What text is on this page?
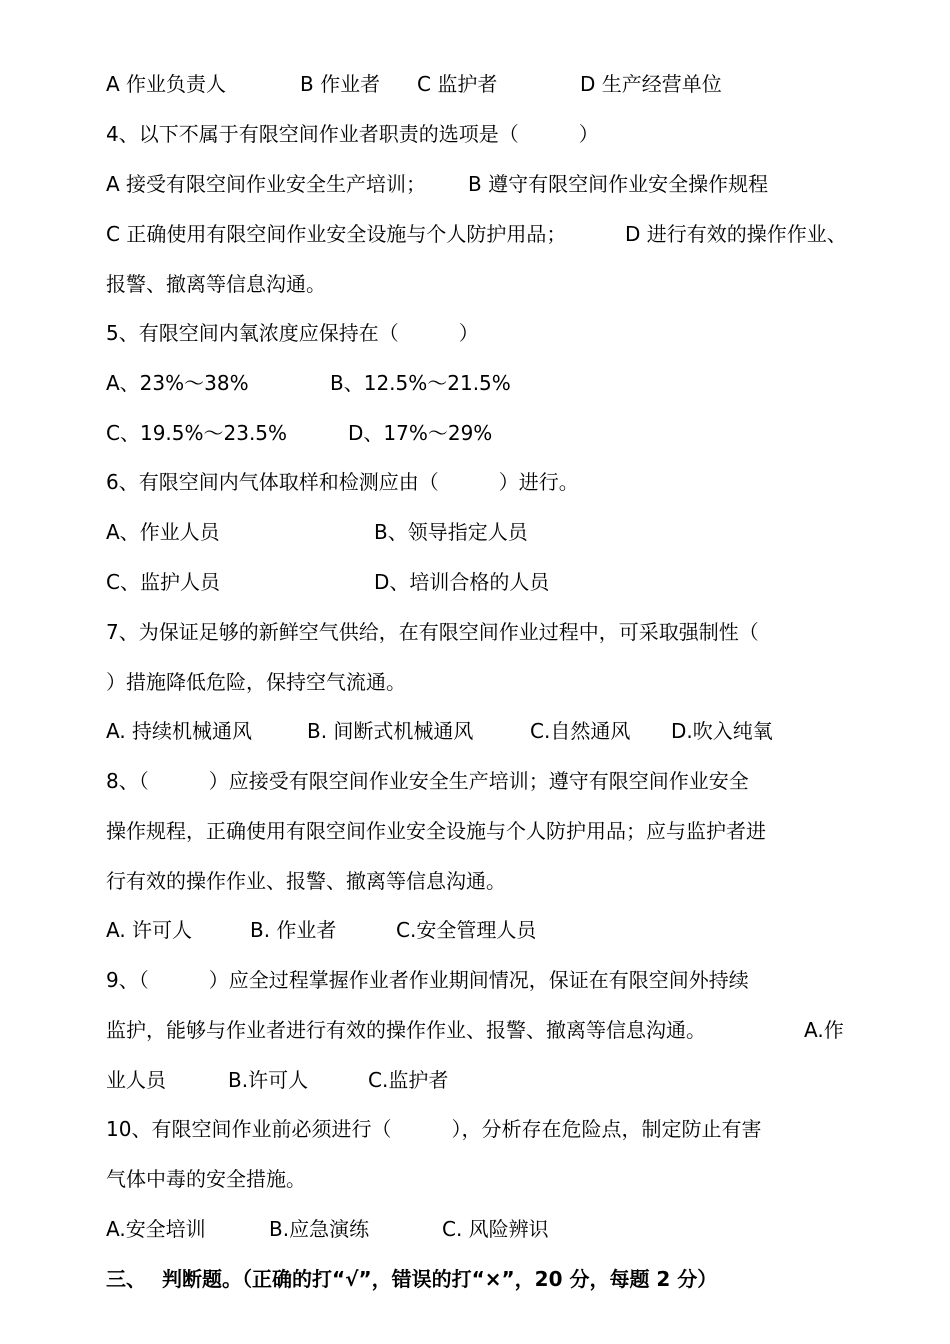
A 作业负责人	B 作业者 C 监护者	D 生产经营单位
4、以下不属于有限空间作业者职责的选项是（　　　）
A 接受有限空间作业安全生产培训； B 遵守有限空间作业安全操作规程
C 正确使用有限空间作业安全设施与个人防护用品；	D 进行有效的操作作业、
报警、撤离等信息沟通。
5、有限空间内氧浓度应保持在（　　　）
A、23%～38%	B、12.5%～21.5%
C、19.5%～23.5%	D、17%～29%
6、有限空间内气体取样和检测应由（　　　）进行。
A、作业人员	B、领导指定人员
C、监护人员	D、培训合格的人员
7、为保证足够的新鲜空气供给，在有限空间作业过程中，可采取强制性（
）措施降低危险，保持空气流通。
A. 持续机械通风	B. 间断式机械通风	C.自然通风 D.吹入纯氧
8、（　　　）应接受有限空间作业安全生产培训；遵守有限空间作业安全
操作规程，正确使用有限空间作业安全设施与个人防护用品；应与监护者进
行有效的操作作业、报警、撤离等信息沟通。
A. 许可人	B. 作业者	C.安全管理人员
9、（　　　）应全过程掌握作业者作业期间情况，保证在有限空间外持续
监护，能够与作业者进行有效的操作作业、报警、撤离等信息沟通。	A.作
业人员	B.许可人	C.监护者
10、有限空间作业前必须进行（　　　），分析存在危险点，制定防止有害
气体中毒的安全措施。
A.安全培训	B.应急演练	C. 风险辨识
三、 判断题。（正确的打“√”，错误的打“×”，20 分，每题 2 分）
